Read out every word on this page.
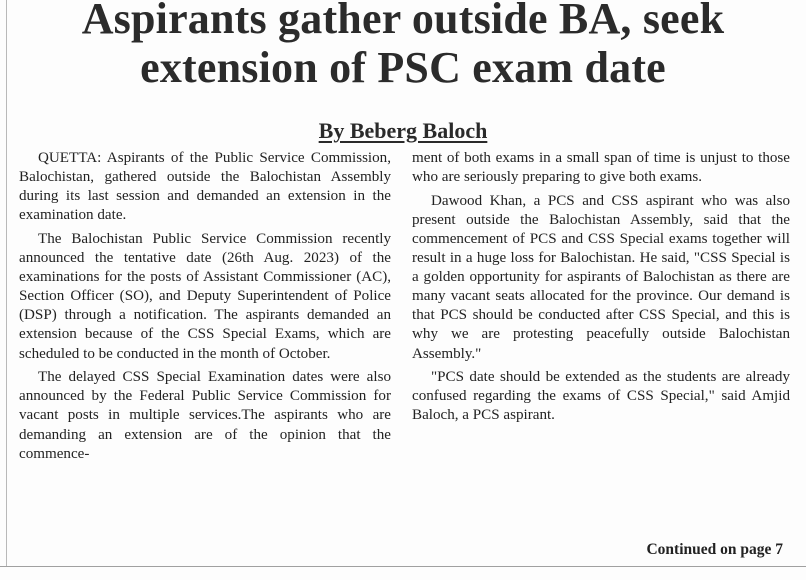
Aspirants gather outside BA, seek extension of PSC exam date
By Beberg Baloch

QUETTA: Aspirants of the Public Service Commission, Balochistan, gathered outside the Balochistan Assembly during its last session and demanded an extension in the examination date.

The Balochistan Public Service Commission recently announced the tentative date (26th Aug. 2023) of the examinations for the posts of Assistant Commissioner (AC), Section Officer (SO), and Deputy Superintendent of Police (DSP) through a notification. The aspirants demanded an extension because of the CSS Special Exams, which are scheduled to be conducted in the month of October.

The delayed CSS Special Examination dates were also announced by the Federal Public Service Commission for vacant posts in multiple services.The aspirants who are demanding an extension are of the opinion that the commence-

ment of both exams in a small span of time is unjust to those who are seriously preparing to give both exams.

Dawood Khan, a PCS and CSS aspirant who was also present outside the Balochistan Assembly, said that the commencement of PCS and CSS Special exams together will result in a huge loss for Balochistan. He said, "CSS Special is a golden opportunity for aspirants of Balochistan as there are many vacant seats allocated for the province. Our demand is that PCS should be conducted after CSS Special, and this is why we are protesting peacefully outside Balochistan Assembly."

"PCS date should be extended as the students are already confused regarding the exams of CSS Special," said Amjid Baloch, a PCS aspirant.

Continued on page 7
